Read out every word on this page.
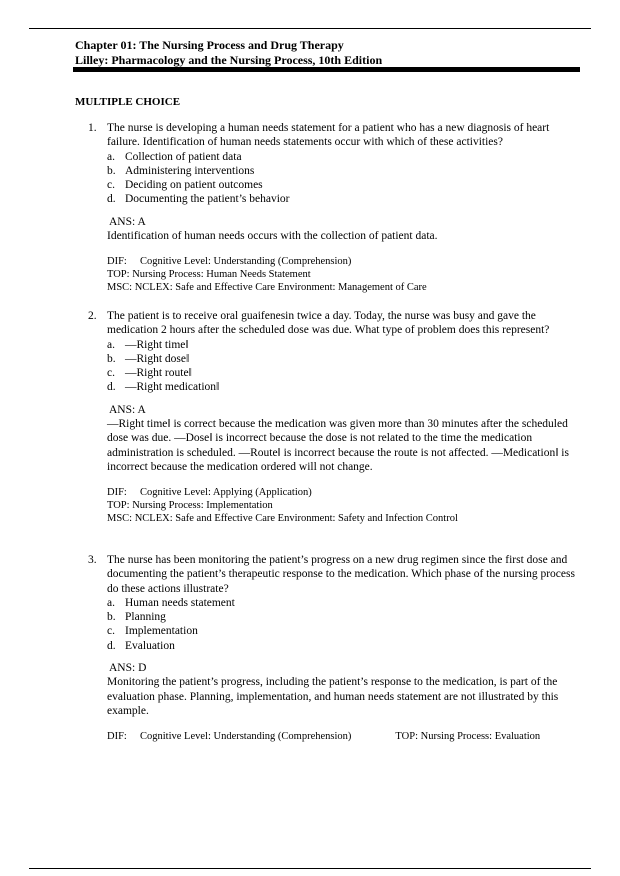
Chapter 01: The Nursing Process and Drug Therapy
Lilley: Pharmacology and the Nursing Process, 10th Edition
MULTIPLE CHOICE
1. The nurse is developing a human needs statement for a patient who has a new diagnosis of heart failure. Identification of human needs statements occur with which of these activities?
a. Collection of patient data
b. Administering interventions
c. Deciding on patient outcomes
d. Documenting the patient’s behavior
ANS: A
Identification of human needs occurs with the collection of patient data.
DIF: Cognitive Level: Understanding (Comprehension)
TOP: Nursing Process: Human Needs Statement
MSC: NCLEX: Safe and Effective Care Environment: Management of Care
2. The patient is to receive oral guaifenesin twice a day. Today, the nurse was busy and gave the medication 2 hours after the scheduled dose was due. What type of problem does this represent?
a. ―Right time‖
b. ―Right dose‖
c. ―Right route‖
d. ―Right medication‖
ANS: A
―Right time‖ is correct because the medication was given more than 30 minutes after the scheduled dose was due. ―Dose‖ is incorrect because the dose is not related to the time the medication administration is scheduled. ―Route‖ is incorrect because the route is not affected. ―Medication‖ is incorrect because the medication ordered will not change.
DIF: Cognitive Level: Applying (Application)
TOP: Nursing Process: Implementation
MSC: NCLEX: Safe and Effective Care Environment: Safety and Infection Control
3. The nurse has been monitoring the patient’s progress on a new drug regimen since the first dose and documenting the patient’s therapeutic response to the medication. Which phase of the nursing process do these actions illustrate?
a. Human needs statement
b. Planning
c. Implementation
d. Evaluation
ANS: D
Monitoring the patient’s progress, including the patient’s response to the medication, is part of the evaluation phase. Planning, implementation, and human needs statement are not illustrated by this example.
DIF: Cognitive Level: Understanding (Comprehension)	TOP: Nursing Process: Evaluation
